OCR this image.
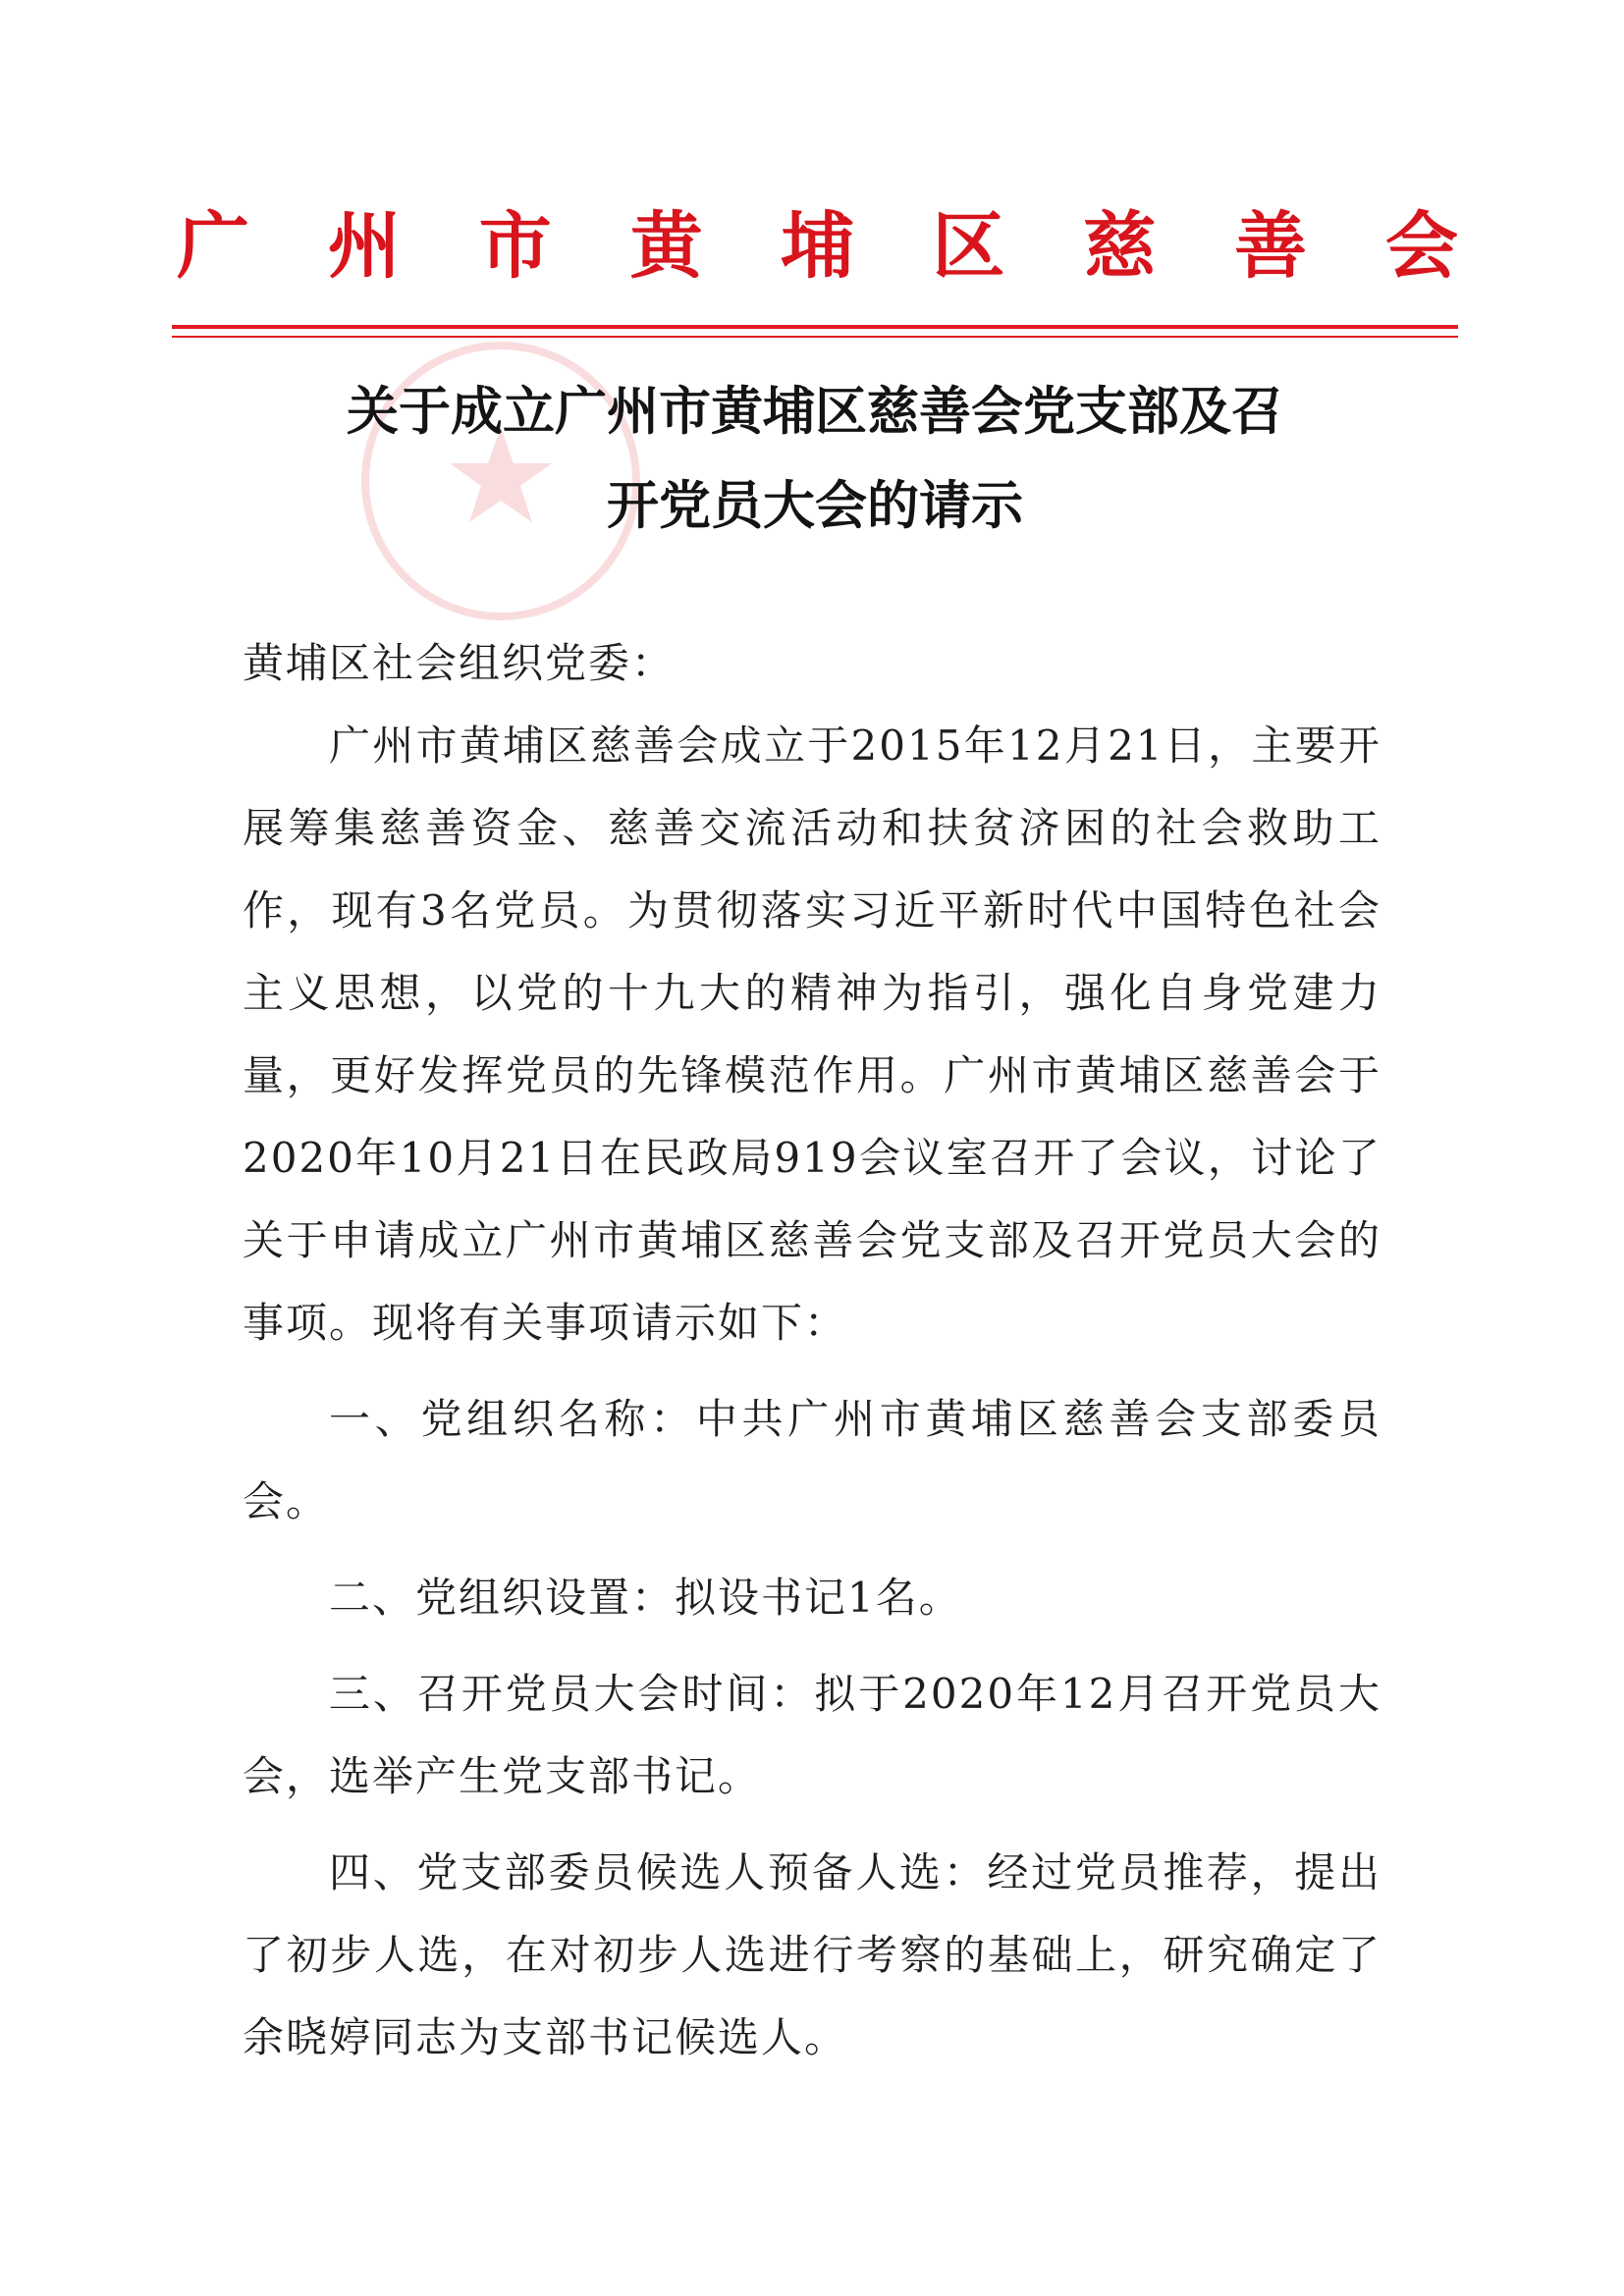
广 州 市 黄 埔 区 慈 善 会
关于成立广州市黄埔区慈善会党支部及召
开党员大会的请示

黄埔区社会组织党委：

广州市黄埔区慈善会成立于2015年12月21日，主要开展筹集慈善资金、慈善交流活动和扶贫济困的社会救助工作，现有3名党员。为贯彻落实习近平新时代中国特色社会主义思想，以党的十九大的精神为指引，强化自身党建力量，更好发挥党员的先锋模范作用。广州市黄埔区慈善会于2020年10月21日在民政局919会议室召开了会议，讨论了关于申请成立广州市黄埔区慈善会党支部及召开党员大会的事项。现将有关事项请示如下：

一、党组织名称：中共广州市黄埔区慈善会支部委员会。

二、党组织设置：拟设书记1名。

三、召开党员大会时间：拟于2020年12月召开党员大会，选举产生党支部书记。

四、党支部委员候选人预备人选：经过党员推荐，提出了初步人选，在对初步人选进行考察的基础上，研究确定了余晓婷同志为支部书记候选人。
